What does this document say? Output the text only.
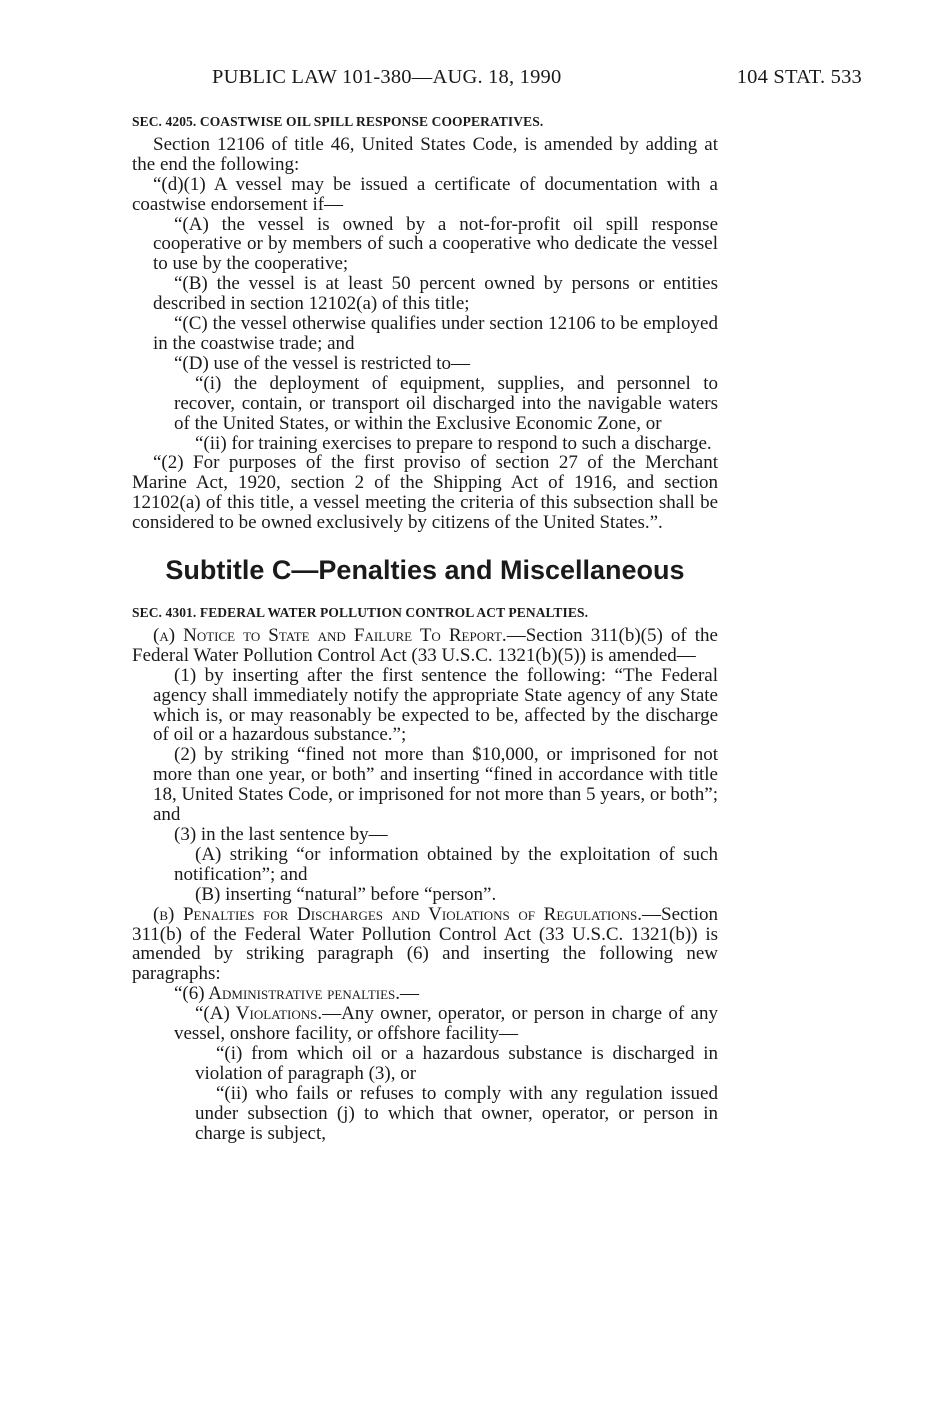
PUBLIC LAW 101-380—AUG. 18, 1990	104 STAT. 533

SEC. 4205. COASTWISE OIL SPILL RESPONSE COOPERATIVES.

Section 12106 of title 46, United States Code, is amended by adding at the end the following:

“(d)(1) A vessel may be issued a certificate of documentation with a coastwise endorsement if—

“(A) the vessel is owned by a not-for-profit oil spill response cooperative or by members of such a cooperative who dedicate the vessel to use by the cooperative;

“(B) the vessel is at least 50 percent owned by persons or entities described in section 12102(a) of this title;

“(C) the vessel otherwise qualifies under section 12106 to be employed in the coastwise trade; and

“(D) use of the vessel is restricted to—

“(i) the deployment of equipment, supplies, and personnel to recover, contain, or transport oil discharged into the navigable waters of the United States, or within the Exclusive Economic Zone, or

“(ii) for training exercises to prepare to respond to such a discharge.

“(2) For purposes of the first proviso of section 27 of the Merchant Marine Act, 1920, section 2 of the Shipping Act of 1916, and section 12102(a) of this title, a vessel meeting the criteria of this subsection shall be considered to be owned exclusively by citizens of the United States.”.

Subtitle C—Penalties and Miscellaneous

SEC. 4301. FEDERAL WATER POLLUTION CONTROL ACT PENALTIES.

(a) Notice to State and Failure To Report.—Section 311(b)(5) of the Federal Water Pollution Control Act (33 U.S.C. 1321(b)(5)) is amended—

(1) by inserting after the first sentence the following: “The Federal agency shall immediately notify the appropriate State agency of any State which is, or may reasonably be expected to be, affected by the discharge of oil or a hazardous substance.”;

(2) by striking “fined not more than $10,000, or imprisoned for not more than one year, or both” and inserting “fined in accordance with title 18, United States Code, or imprisoned for not more than 5 years, or both”; and

(3) in the last sentence by—

(A) striking “or information obtained by the exploitation of such notification”; and

(B) inserting “natural” before “person”.

(b) Penalties for Discharges and Violations of Regulations.—Section 311(b) of the Federal Water Pollution Control Act (33 U.S.C. 1321(b)) is amended by striking paragraph (6) and inserting the following new paragraphs:

“(6) Administrative penalties.—

“(A) Violations.—Any owner, operator, or person in charge of any vessel, onshore facility, or offshore facility—

“(i) from which oil or a hazardous substance is discharged in violation of paragraph (3), or

“(ii) who fails or refuses to comply with any regulation issued under subsection (j) to which that owner, operator, or person in charge is subject,
